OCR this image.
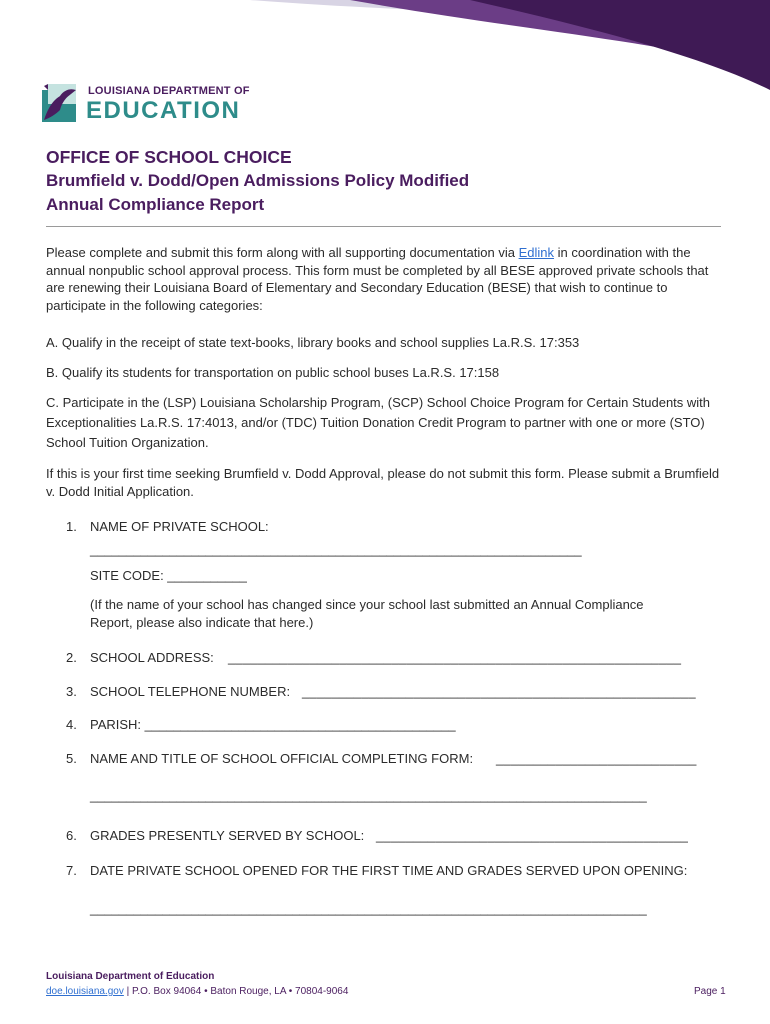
LOUISIANA DEPARTMENT OF
EDUCATION
OFFICE OF SCHOOL CHOICE
Brumfield v. Dodd/Open Admissions Policy Modified
Annual Compliance Report

Please complete and submit this form along with all supporting documentation via Edlink in coordination with the annual nonpublic school approval process. This form must be completed by all BESE approved private schools that are renewing their Louisiana Board of Elementary and Secondary Education (BESE) that wish to continue to participate in the following categories:

A. Qualify in the receipt of state text-books, library books and school supplies La.R.S. 17:353

B. Qualify its students for transportation on public school buses La.R.S. 17:158

C. Participate in the (LSP) Louisiana Scholarship Program, (SCP) School Choice Program for Certain Students with Exceptionalities La.R.S. 17:4013, and/or (TDC) Tuition Donation Credit Program to partner with one or more (STO) School Tuition Organization.

If this is your first time seeking Brumfield v. Dodd Approval, please do not submit this form. Please submit a Brumfield v. Dodd Initial Application.

1. NAME OF PRIVATE SCHOOL:
____________________________________________________________________
SITE CODE: ___________
(If the name of your school has changed since your school last submitted an Annual Compliance
Report, please also indicate that here.)
2. SCHOOL ADDRESS: _____________________________________________________________
3. SCHOOL TELEPHONE NUMBER: _____________________________________________________
4. PARISH: ___________________________________________
5. NAME AND TITLE OF SCHOOL OFFICIAL COMPLETING FORM: ___________________________
_____________________________________________________________________________
6. GRADES PRESENTLY SERVED BY SCHOOL: __________________________________________
7. DATE PRIVATE SCHOOL OPENED FOR THE FIRST TIME AND GRADES SERVED UPON OPENING:
_____________________________________________________________________________
Louisiana Department of Education
doe.louisiana.gov | P.O. Box 94064 • Baton Rouge, LA • 70804-9064	Page 1
